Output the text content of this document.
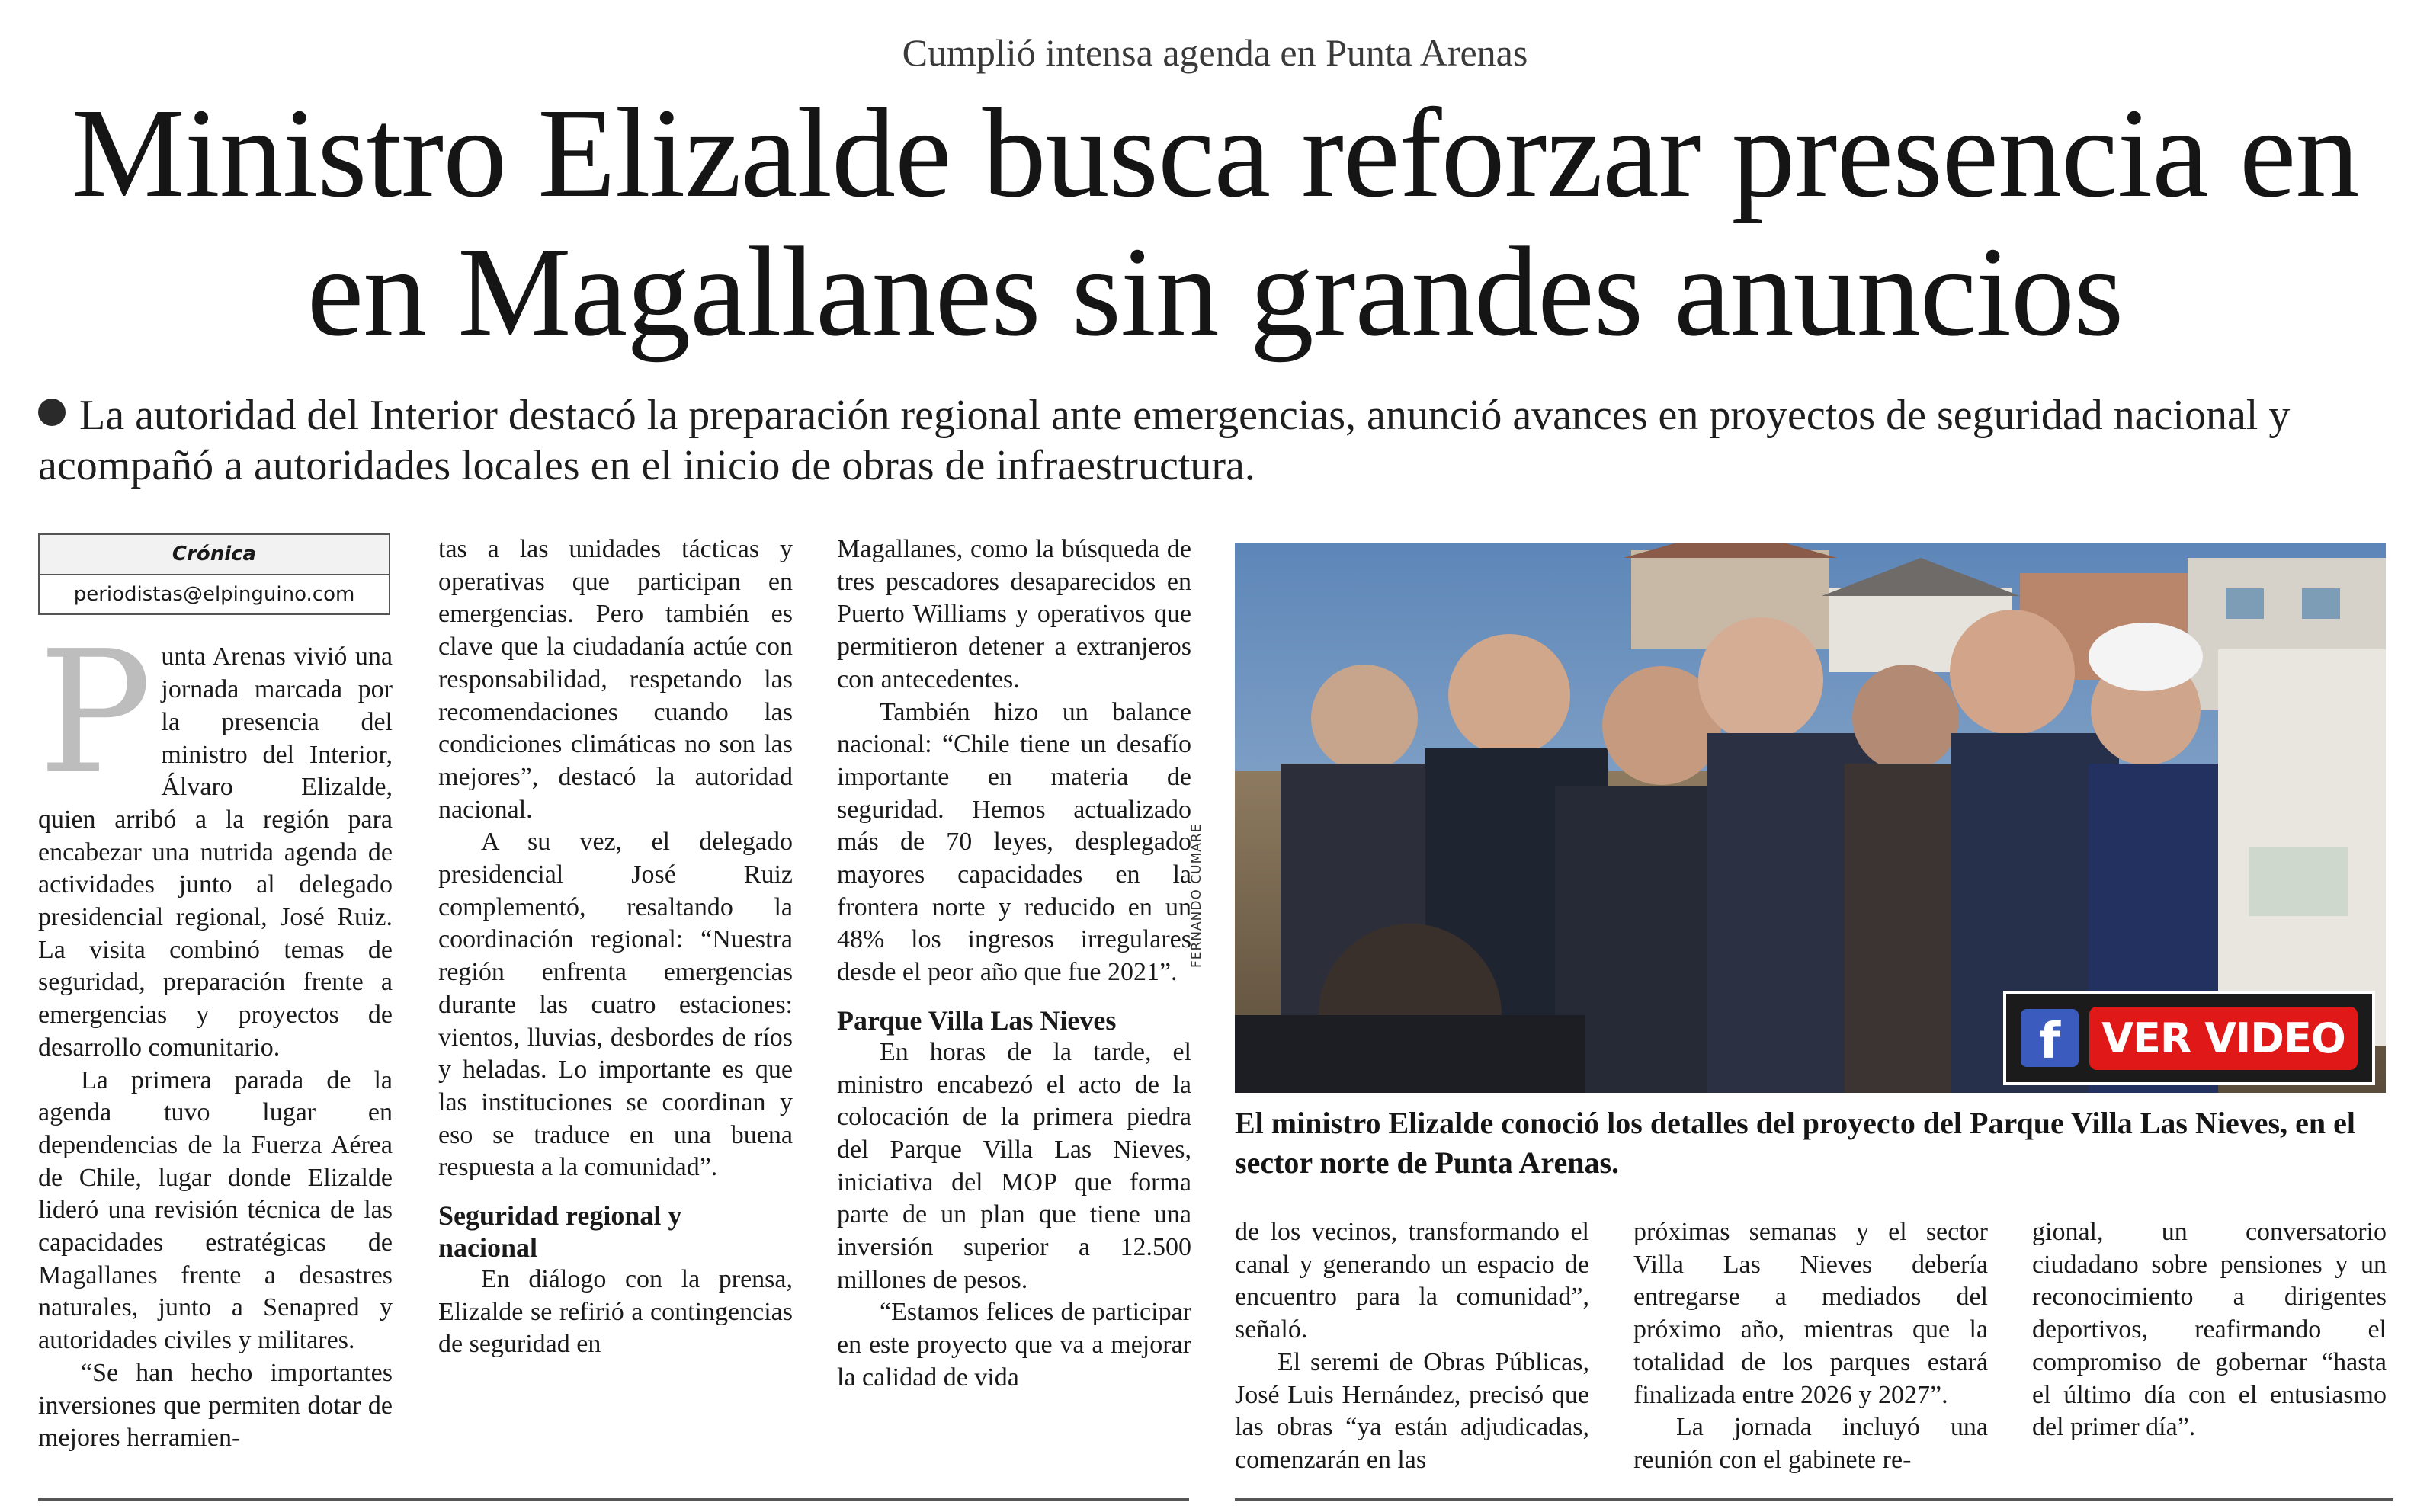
Cumplió intensa agenda en Punta Arenas
Ministro Elizalde busca reforzar presencia en en Magallanes sin grandes anuncios
La autoridad del Interior destacó la preparación regional ante emergencias, anunció avances en proyectos de seguridad nacional y acompañó a autoridades locales en el inicio de obras de infraestructura.
Crónica
periodistas@elpinguino.com
P unta Arenas vivió una jornada marcada por la presencia del ministro del Interior, Álvaro Elizalde, quien arribó a la región para encabezar una nutrida agenda de actividades junto al delegado presidencial regional, José Ruiz. La visita combinó temas de seguridad, preparación frente a emergencias y proyectos de desarrollo comunitario.

La primera parada de la agenda tuvo lugar en dependencias de la Fuerza Aérea de Chile, lugar donde Elizalde lideró una revisión técnica de las capacidades estratégicas de Magallanes frente a desastres naturales, junto a Senapred y autoridades civiles y militares.

“Se han hecho importantes inversiones que permiten dotar de mejores herramien-

tas a las unidades tácticas y operativas que participan en emergencias. Pero también es clave que la ciudadanía actúe con responsabilidad, respetando las recomendaciones cuando las condiciones climáticas no son las mejores”, destacó la autoridad nacional.

A su vez, el delegado presidencial José Ruiz complementó, resaltando la coordinación regional: “Nuestra región enfrenta emergencias durante las cuatro estaciones: vientos, lluvias, desbordes de ríos y heladas. Lo importante es que las instituciones se coordinan y eso se traduce en una buena respuesta a la comunidad”.

Seguridad regional y nacional

En diálogo con la prensa, Elizalde se refirió a contingencias de seguridad en

Magallanes, como la búsqueda de tres pescadores desaparecidos en Puerto Williams y operativos que permitieron detener a extranjeros con antecedentes.

También hizo un balance nacional: “Chile tiene un desafío importante en materia de seguridad. Hemos actualizado más de 70 leyes, desplegado mayores capacidades en la frontera norte y reducido en un 48% los ingresos irregulares desde el peor año que fue 2021”.

Parque Villa Las Nieves

En horas de la tarde, el ministro encabezó el acto de la colocación de la primera piedra del Parque Villa Las Nieves, iniciativa del MOP que forma parte de un plan que tiene una inversión superior a 12.500 millones de pesos.

“Estamos felices de participar en este proyecto que va a mejorar la calidad de vida

FERNANDO CUMARE
f	VER VIDEO
El ministro Elizalde conoció los detalles del proyecto del Parque Villa Las Nieves, en el sector norte de Punta Arenas.

de los vecinos, transformando el canal y generando un espacio de encuentro para la comunidad”, señaló.

El seremi de Obras Públicas, José Luis Hernández, precisó que las obras “ya están adjudicadas, comenzarán en las

próximas semanas y el sector Villa Las Nieves debería entregarse a mediados del próximo año, mientras que la totalidad de los parques estará finalizada entre 2026 y 2027”.

La jornada incluyó una reunión con el gabinete re-

gional, un conversatorio ciudadano sobre pensiones y un reconocimiento a dirigentes deportivos, reafirmando el compromiso de gobernar “hasta el último día con el entusiasmo del primer día”.
